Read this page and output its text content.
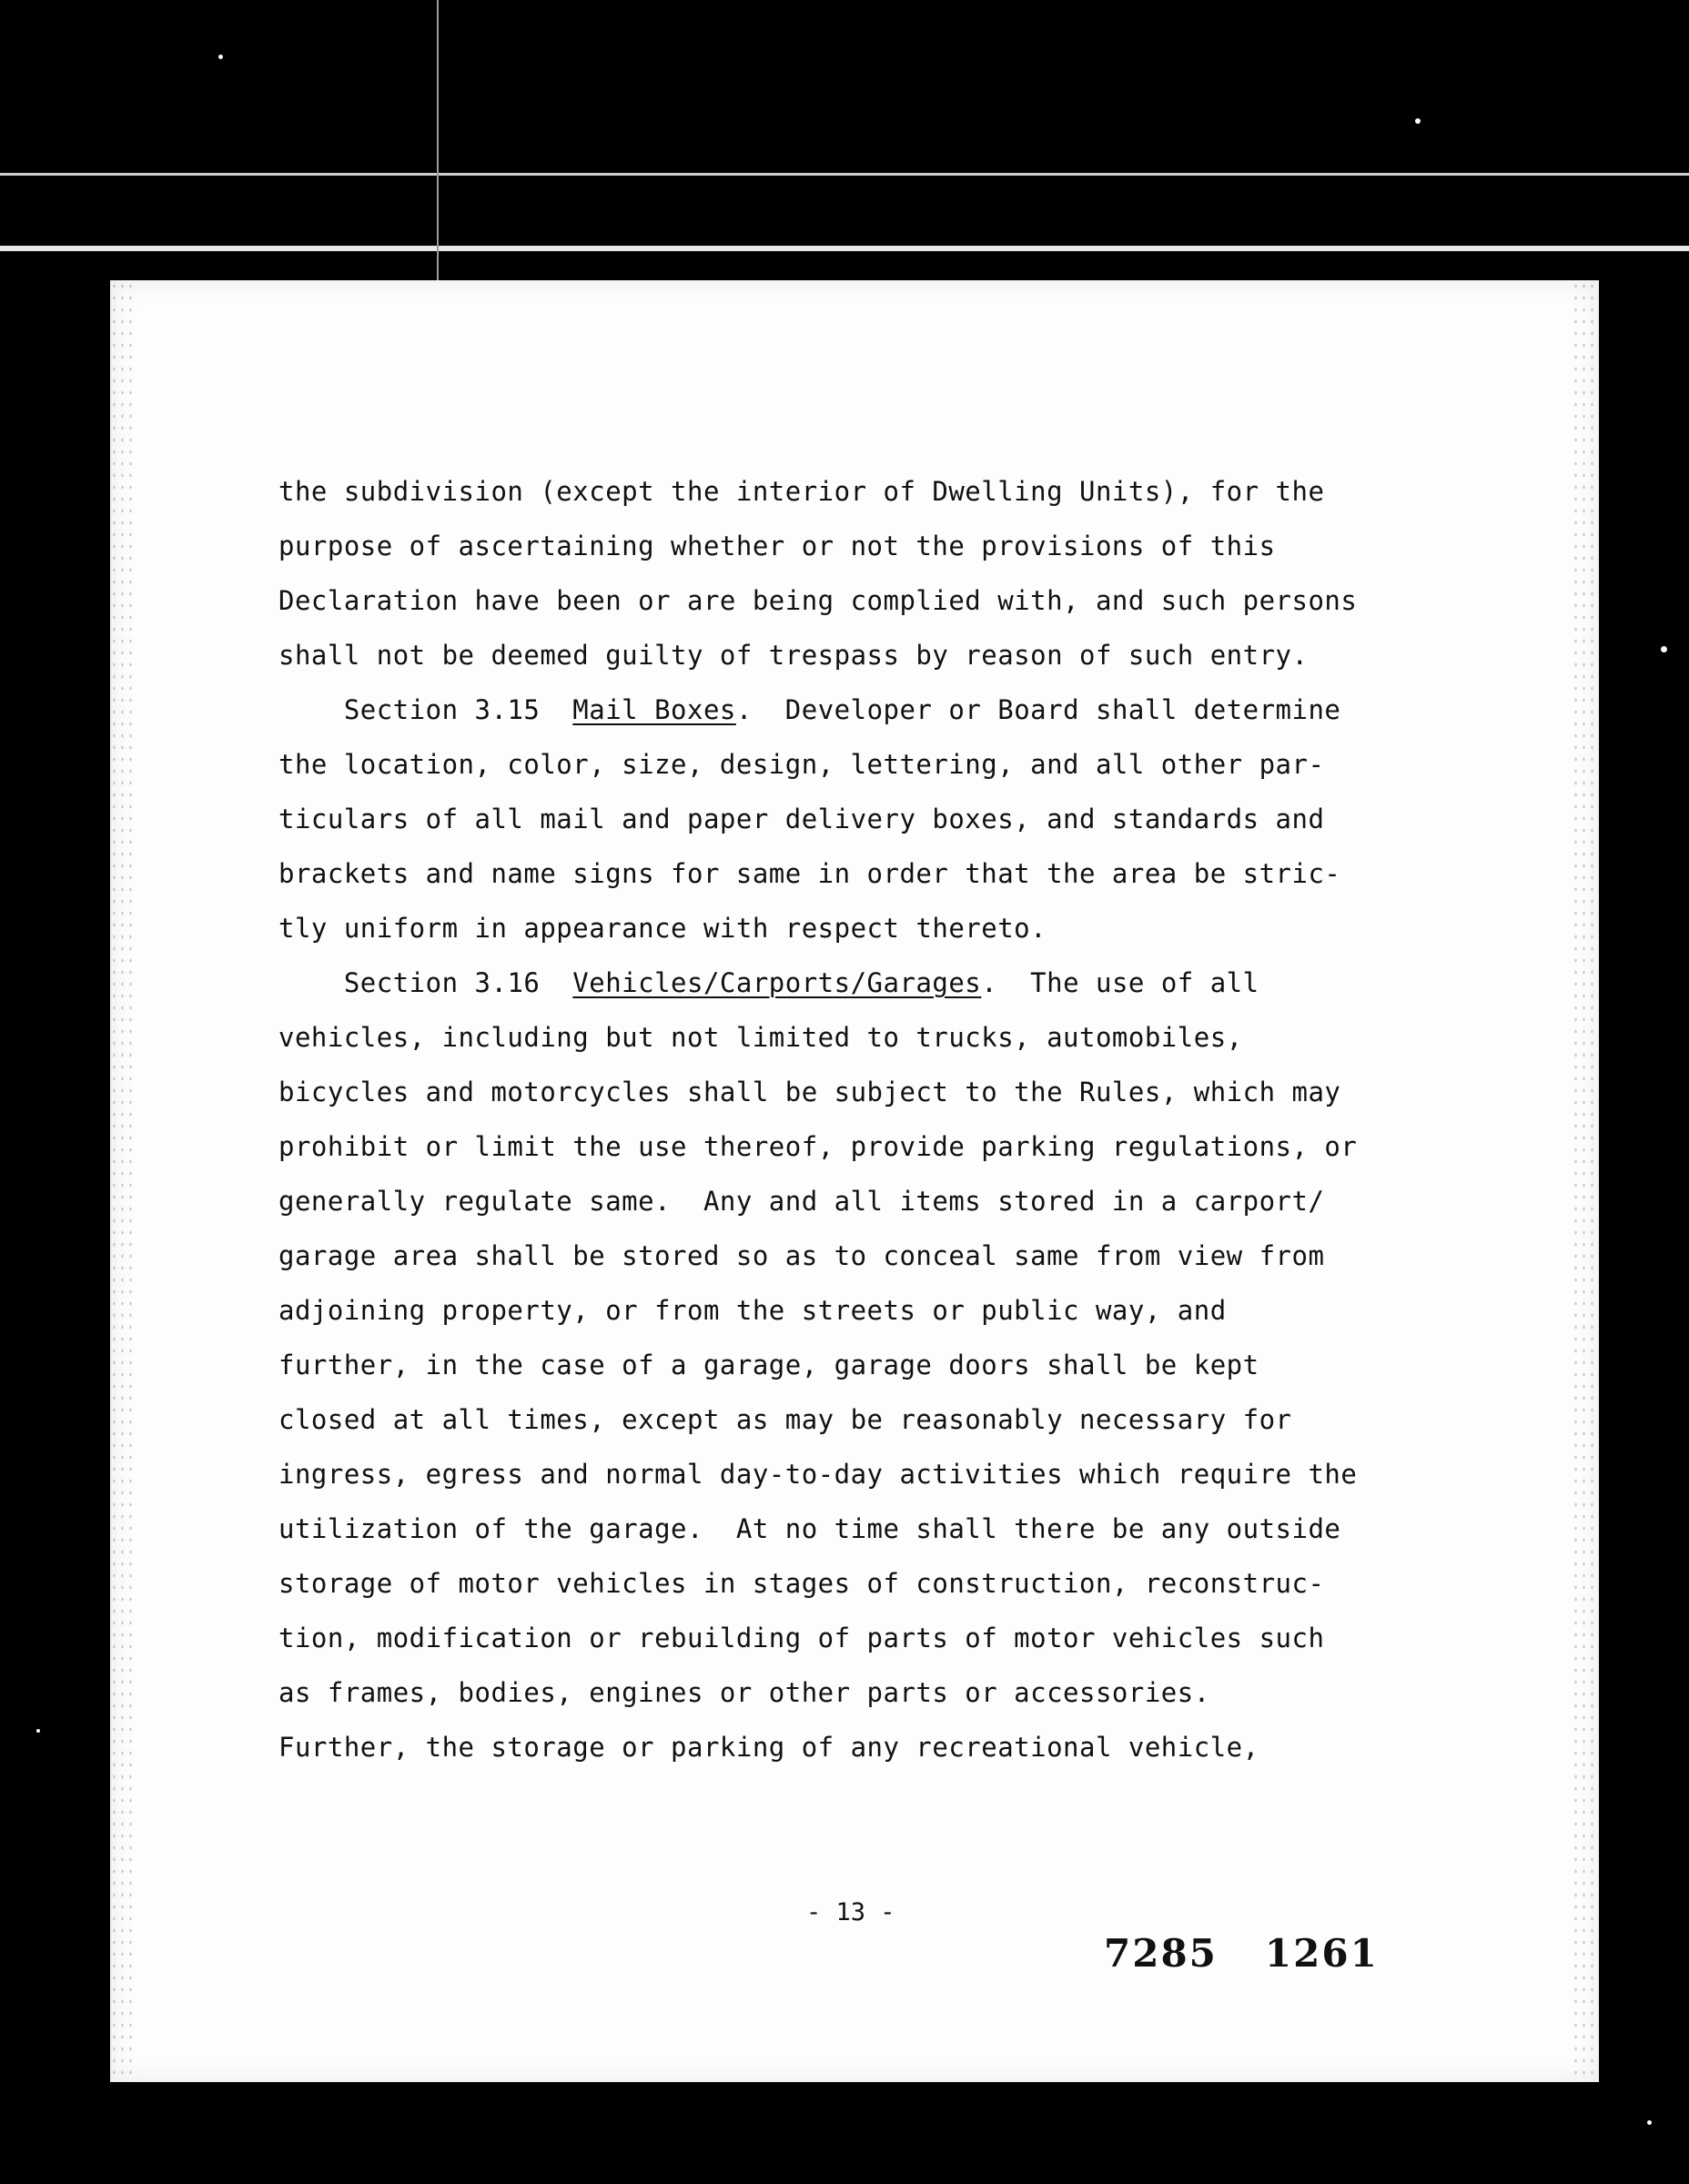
the subdivision (except the interior of Dwelling Units), for the
purpose of ascertaining whether or not the provisions of this
Declaration have been or are being complied with, and such persons
shall not be deemed guilty of trespass by reason of such entry.
Section 3.15 Mail Boxes.  Developer or Board shall determine
the location, color, size, design, lettering, and all other par-
ticulars of all mail and paper delivery boxes, and standards and
brackets and name signs for same in order that the area be stric-
tly uniform in appearance with respect thereto.
Section 3.16 Vehicles/Carports/Garages.  The use of all
vehicles, including but not limited to trucks, automobiles,
bicycles and motorcycles shall be subject to the Rules, which may
prohibit or limit the use thereof, provide parking regulations, or
generally regulate same.  Any and all items stored in a carport/
garage area shall be stored so as to conceal same from view from
adjoining property, or from the streets or public way, and
further, in the case of a garage, garage doors shall be kept
closed at all times, except as may be reasonably necessary for
ingress, egress and normal day-to-day activities which require the
utilization of the garage.  At no time shall there be any outside
storage of motor vehicles in stages of construction, reconstruc-
tion, modification or rebuilding of parts of motor vehicles such
as frames, bodies, engines or other parts or accessories.
Further, the storage or parking of any recreational vehicle,
- 13 -
7285 1261
